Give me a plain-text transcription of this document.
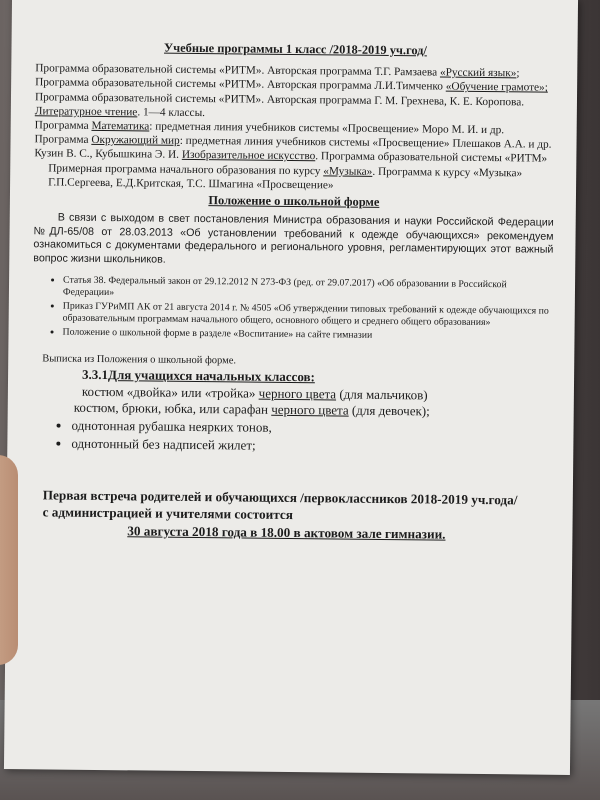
Учебные программы 1 класс /2018-2019 уч.год/

Программа образовательной системы «РИТМ». Авторская программа Т.Г. Рамзаева «Русский язык»;

Программа образовательной системы «РИТМ». Авторская программа Л.И.Тимченко «Обучение грамоте»;

Программа образовательной системы «РИТМ». Авторская программа Г. М. Грехнева, К. Е. Коропова. Литературное чтение. 1—4 классы.

Программа Математика: предметная линия учебников системы «Просвещение» Моро М. И. и др.

Программа Окружающий мир: предметная линия учебников системы «Просвещение» Плешаков А.А. и др.

Кузин В. С., Кубышкина Э. И. Изобразительное искусство. Программа образовательной системы «РИТМ»

Примерная программа начального образования по курсу «Музыка». Программа к курсу «Музыка» Г.П.Сергеева, Е.Д.Критская, Т.С. Шмагина «Просвещение»

Положение о школьной форме

В связи с выходом в свет постановления Министра образования и науки Российской Федерации №ДЛ-65/08 от 28.03.2013 «Об установлении требований к одежде обучающихся» рекомендуем ознакомиться с документами федерального и регионального уровня, регламентирующих этот важный вопрос жизни школьников.

• Статья 38. Федеральный закон от 29.12.2012 N 273-ФЗ (ред. от 29.07.2017) «Об образовании в Российской Федерации»
• Приказ ГУРиМП АК от 21 августа 2014 г. № 4505 «Об утверждении типовых требований к одежде обучающихся по образовательным программам начального общего, основного общего и среднего общего образования»
• Положение о школьной форме в разделе «Воспитание» на сайте гимназии
Выписка из Положения о школьной форме.
3.3.1Для учащихся начальных классов:
костюм «двойка» или «тройка» черного цвета (для мальчиков)
костюм, брюки, юбка, или сарафан черного цвета (для девочек);
• однотонная рубашка неярких тонов,
• однотонный без надписей жилет;
Первая встреча родителей и обучающихся /первоклассников 2018-2019 уч.года/
с администрацией и учителями состоится
30 августа 2018 года в 18.00 в актовом зале гимназии.
